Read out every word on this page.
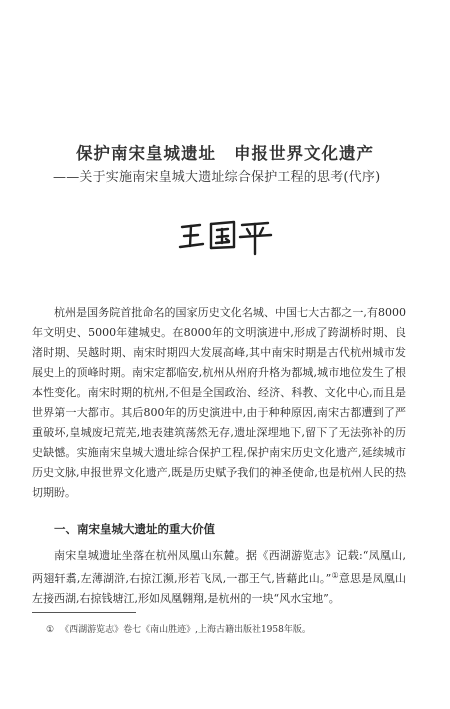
保护南宋皇城遗址 申报世界文化遗产
——关于实施南宋皇城大遗址综合保护工程的思考(代序)
杭州是国务院首批命名的国家历史文化名城、中国七大古都之一,有8000年文明史、5000年建城史。在8000年的文明演进中,形成了跨湖桥时期、良渚时期、吴越时期、南宋时期四大发展高峰,其中南宋时期是古代杭州城市发展史上的顶峰时期。南宋定都临安,杭州从州府升格为都城,城市地位发生了根本性变化。南宋时期的杭州,不但是全国政治、经济、科教、文化中心,而且是世界第一大都市。其后800年的历史演进中,由于种种原因,南宋古都遭到了严重破坏,皇城废圮荒芜,地表建筑荡然无存,遗址深埋地下,留下了无法弥补的历史缺憾。实施南宋皇城大遗址综合保护工程,保护南宋历史文化遗产,延续城市历史文脉,申报世界文化遗产,既是历史赋予我们的神圣使命,也是杭州人民的热切期盼。
一、南宋皇城大遗址的重大价值
南宋皇城遗址坐落在杭州凤凰山东麓。据《西湖游览志》记载:“凤凰山,两翅轩翥,左薄湖浒,右掠江濒,形若飞凤,一郡王气,皆藉此山。”①意思是凤凰山左接西湖,右掠钱塘江,形如凤凰翱翔,是杭州的一块“风水宝地”。
① 《西湖游览志》卷七《南山胜迹》,上海古籍出版社1958年版。
